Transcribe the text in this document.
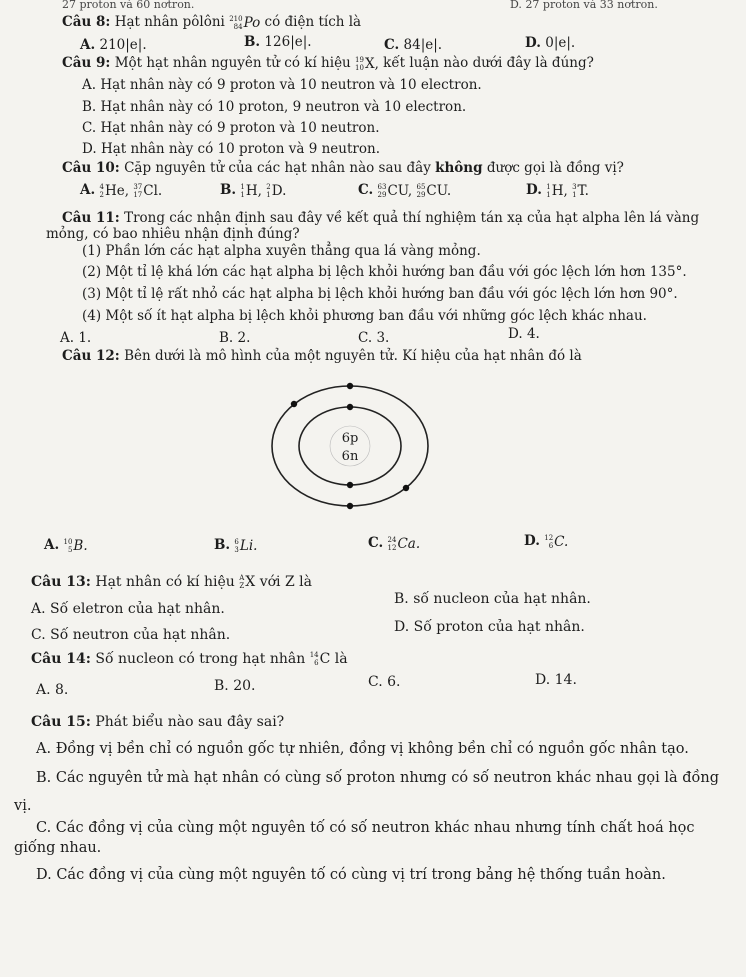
27 proton và 60 nơtron.	D. 27 proton và 33 nơtron.
Câu 8: Hạt nhân pôlôni 210
84 Po có điện tích là
A. 210|e|.	B. 126|e|.	C. 84|e|.	D. 0|e|.
Câu 9: Một hạt nhân nguyên tử có kí hiệu 19
10 X, kết luận nào dưới đây là đúng?
A. Hạt nhân này có 9 proton và 10 neutron và 10 electron.
B. Hạt nhân này có 10 proton, 9 neutron và 10 electron.
C. Hạt nhân này có 9 proton và 10 neutron.
D. Hạt nhân này có 10 proton và 9 neutron.
Câu 10: Cặp nguyên tử của các hạt nhân nào sau đây không được gọi là đồng vị?
A. 4
2 He,
37
17 Cl.	B. 1
1 H,
2
1 D.	C. 63
29 CU,
65
29 CU.	D. 1
1 H,
3
1 T.
Câu 11: Trong các nhận định sau đây về kết quả thí nghiệm tán xạ của hạt alpha lên lá vàng
mỏng, có bao nhiêu nhận định đúng?
(1) Phần lớn các hạt alpha xuyên thẳng qua lá vàng mỏng.
(2) Một tỉ lệ khá lớn các hạt alpha bị lệch khỏi hướng ban đầu với góc lệch lớn hơn 135°.
(3) Một tỉ lệ rất nhỏ các hạt alpha bị lệch khỏi hướng ban đầu với góc lệch lớn hơn 90°.
(4) Một số ít hạt alpha bị lệch khỏi phương ban đầu với những góc lệch khác nhau.
A. 1.	B. 2.	C. 3.	D. 4.
Câu 12: Bên dưới là mô hình của một nguyên tử. Kí hiệu của hạt nhân đó là
6p
6n
A. 10
5 B.	B. 6
3 Li.	C. 24
12 Ca.	D. 12
6 C.
Câu 13: Hạt nhân có kí hiệu A
Z X với Z là
A. Số eletron của hạt nhân.
B. số nucleon của hạt nhân.
C. Số neutron của hạt nhân.	D. Số proton của hạt nhân.
Câu 14: Số nucleon có trong hạt nhân 14
6 C là
A. 8.	B. 20.	C. 6.	D. 14.
Câu 15: Phát biểu nào sau đây sai?
A. Đồng vị bền chỉ có nguồn gốc tự nhiên, đồng vị không bền chỉ có nguồn gốc nhân tạo.
B. Các nguyên tử mà hạt nhân có cùng số proton nhưng có số neutron khác nhau gọi là đồng
vị.
C. Các đồng vị của cùng một nguyên tố có số neutron khác nhau nhưng tính chất hoá học
giống nhau.
D. Các đồng vị của cùng một nguyên tố có cùng vị trí trong bảng hệ thống tuần hoàn.
